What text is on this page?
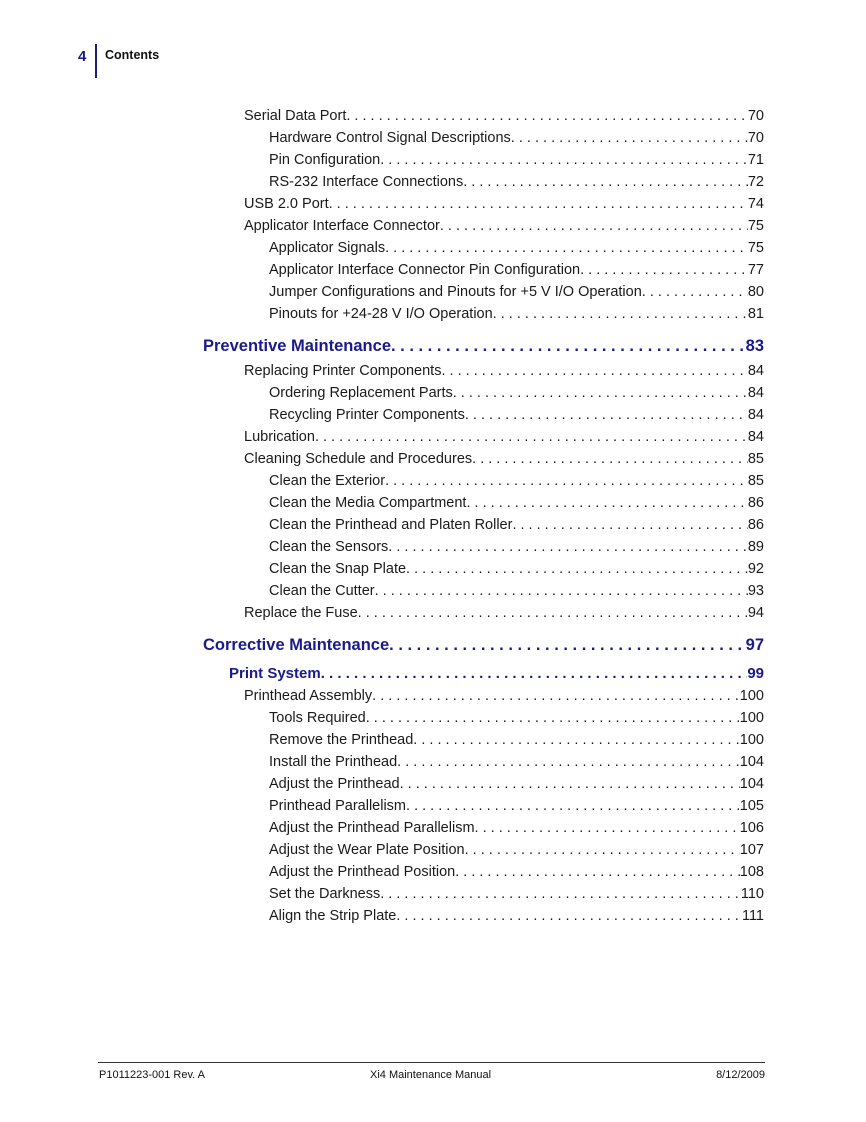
4 Contents
Serial Data Port . . .	70
Hardware Control Signal Descriptions . . .	70
Pin Configuration . . .	71
RS-232 Interface Connections . . .	72
USB 2.0 Port . . .	74
Applicator Interface Connector . . .	75
Applicator Signals . . .	75
Applicator Interface Connector Pin Configuration . . .	77
Jumper Configurations and Pinouts for +5 V I/O Operation . . .	80
Pinouts for +24-28 V I/O Operation . . .	81
Preventive Maintenance . . .	83
Replacing Printer Components . . .	84
Ordering Replacement Parts . . .	84
Recycling Printer Components . . .	84
Lubrication . . .	84
Cleaning Schedule and Procedures . . .	85
Clean the Exterior . . .	85
Clean the Media Compartment . . .	86
Clean the Printhead and Platen Roller . . .	86
Clean the Sensors . . .	89
Clean the Snap Plate . . .	92
Clean the Cutter . . .	93
Replace the Fuse . . .	94
Corrective Maintenance . . .	97
Print System . . .	99
Printhead Assembly . . .	100
Tools Required . . .	100
Remove the Printhead . . .	100
Install the Printhead . . .	104
Adjust the Printhead . . .	104
Printhead Parallelism . . .	105
Adjust the Printhead Parallelism . . .	106
Adjust the Wear Plate Position . . .	107
Adjust the Printhead Position . . .	108
Set the Darkness . . .	110
Align the Strip Plate . . .	111
P1011223-001 Rev. A	Xi4 Maintenance Manual	8/12/2009
